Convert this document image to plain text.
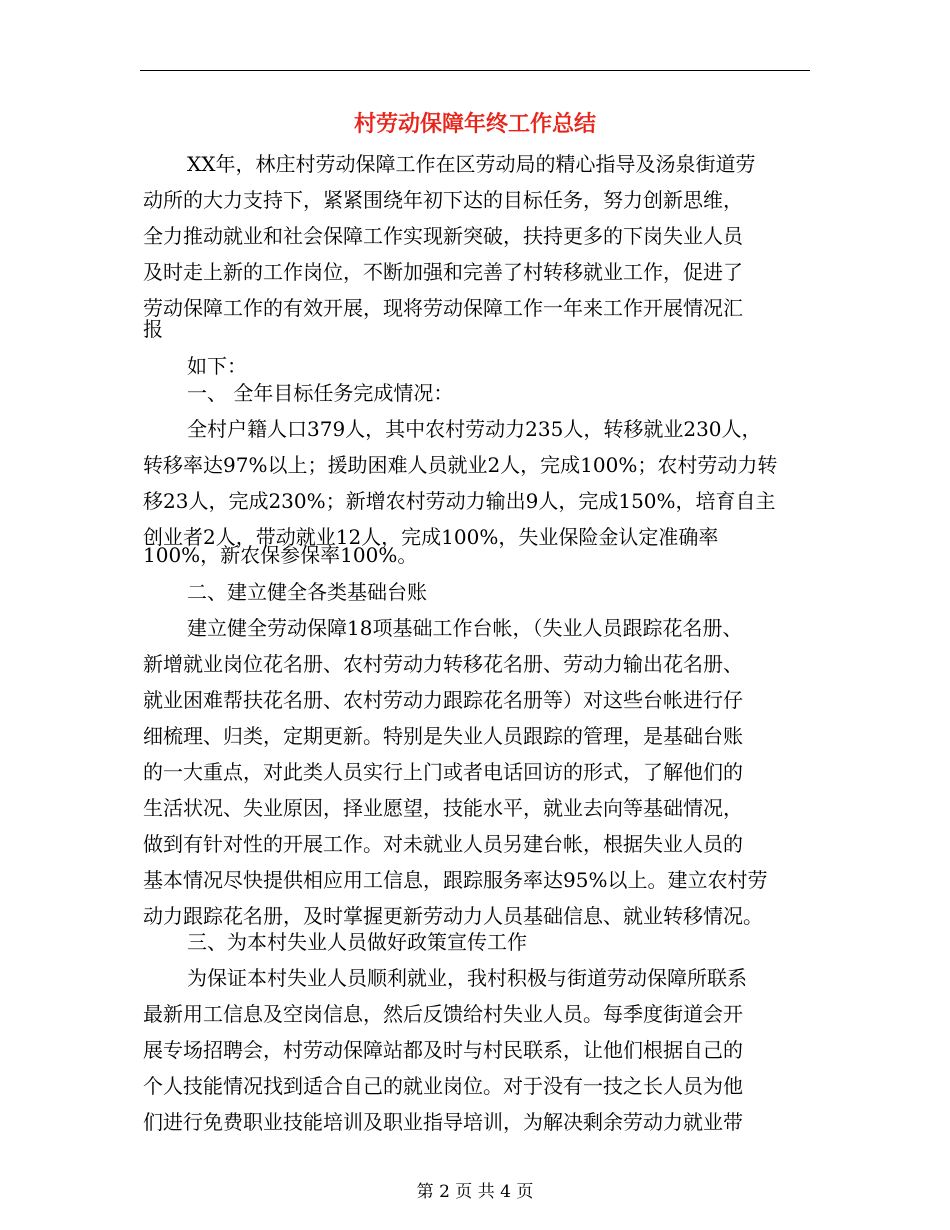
村劳动保障年终工作总结

XX年，林庄村劳动保障工作在区劳动局的精心指导及汤泉街道劳

动所的大力支持下，紧紧围绕年初下达的目标任务，努力创新思维，

全力推动就业和社会保障工作实现新突破，扶持更多的下岗失业人员

及时走上新的工作岗位，不断加强和完善了村转移就业工作，促进了

劳动保障工作的有效开展，现将劳动保障工作一年来工作开展情况汇

报

如下：

一、 全年目标任务完成情况：

全村户籍人口379人，其中农村劳动力235人，转移就业230人，

转移率达97%以上；援助困难人员就业2人，完成100%；农村劳动力转

移23人，完成230%；新增农村劳动力输出9人，完成150%，培育自主

创业者2人，带动就业12人，完成100%，失业保险金认定准确率

100%，新农保参保率100%。

二、建立健全各类基础台账

建立健全劳动保障18项基础工作台帐，（失业人员跟踪花名册、

新增就业岗位花名册、农村劳动力转移花名册、劳动力输出花名册、

就业困难帮扶花名册、农村劳动力跟踪花名册等）对这些台帐进行仔

细梳理、归类，定期更新。特别是失业人员跟踪的管理，是基础台账

的一大重点，对此类人员实行上门或者电话回访的形式，了解他们的

生活状况、失业原因，择业愿望，技能水平，就业去向等基础情况，

做到有针对性的开展工作。对未就业人员另建台帐，根据失业人员的

基本情况尽快提供相应用工信息，跟踪服务率达95%以上。建立农村劳

动力跟踪花名册，及时掌握更新劳动力人员基础信息、就业转移情况。

三、为本村失业人员做好政策宣传工作

为保证本村失业人员顺利就业，我村积极与街道劳动保障所联系

最新用工信息及空岗信息，然后反馈给村失业人员。每季度街道会开

展专场招聘会，村劳动保障站都及时与村民联系，让他们根据自己的

个人技能情况找到适合自己的就业岗位。对于没有一技之长人员为他

们进行免费职业技能培训及职业指导培训，为解决剩余劳动力就业带

第 2 页 共 4 页
